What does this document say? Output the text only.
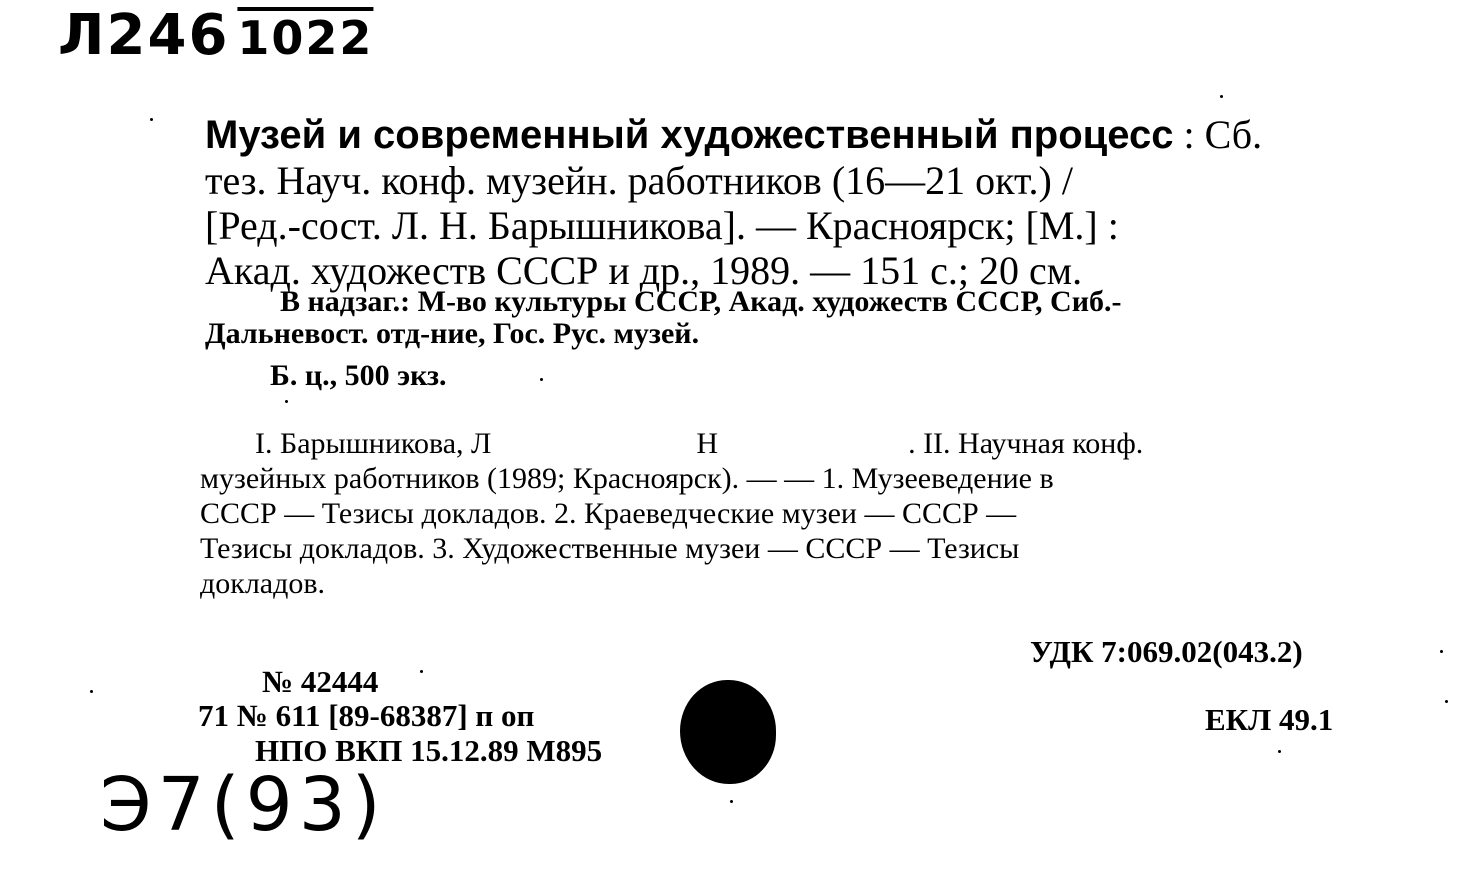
Л246 1022
Музей и современный художественный процесс : Сб.
тез. Науч. конф. музейн. работников (16—21 окт.) /
[Ред.-сост. Л. Н. Барышникова]. — Красноярск; [М.] :
Акад. художеств СССР и др., 1989. — 151 с.; 20 см.
В надзаг.: М-во культуры СССР, Акад. художеств СССР, Сиб.-
Дальневост. отд-ние, Гос. Рус. музей.
Б. ц., 500 экз.
I. Барышникова, Л	Н	. II. Научная конф.
музейных работников (1989; Красноярск). — — 1. Музееведение в
СССР — Тезисы докладов. 2. Краеведческие музеи — СССР —
Тезисы докладов. 3. Художественные музеи — СССР — Тезисы
докладов.
УДК 7:069.02(043.2)
№ 42444
71 № 611 [89-68387] п оп	ЕКЛ 49.1
НПО ВКП 15.12.89 М895
Э7(93)
